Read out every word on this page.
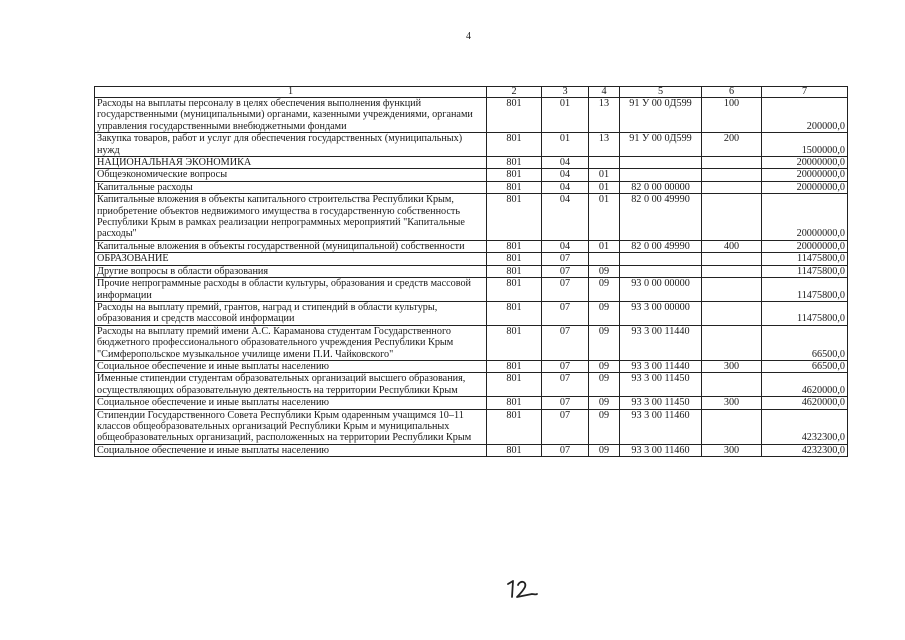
4
1	2	3	4	5	6	7
Расходы на выплаты персоналу в целях обеспечения выполнения функций государственными (муниципальными) органами, казенными учреждениями, органами управления государственными внебюджетными фондами	801	01	13	91 У 00 0Д599	100	200000,0
Закупка товаров, работ и услуг для обеспечения государственных (муниципальных) нужд	801	01	13	91 У 00 0Д599	200	1500000,0
НАЦИОНАЛЬНАЯ ЭКОНОМИКА	801	04				20000000,0
Общеэкономические вопросы	801	04	01			20000000,0
Капитальные расходы	801	04	01	82 0 00 00000		20000000,0
Капитальные вложения в объекты капитального строительства Республики Крым, приобретение объектов недвижимого имущества в государственную собственность Республики Крым в рамках реализации непрограммных мероприятий "Капитальные расходы"	801	04	01	82 0 00 49990		20000000,0
Капитальные вложения в объекты государственной (муниципальной) собственности	801	04	01	82 0 00 49990	400	20000000,0
ОБРАЗОВАНИЕ	801	07				11475800,0
Другие вопросы в области образования	801	07	09			11475800,0
Прочие непрограммные расходы в области культуры, образования и средств массовой информации	801	07	09	93 0 00 00000		11475800,0
Расходы на выплату премий, грантов, наград и стипендий в области культуры, образования и средств массовой информации	801	07	09	93 3 00 00000		11475800,0
Расходы на выплату премий имени А.С. Караманова студентам Государственного бюджетного профессионального образовательного учреждения Республики Крым "Симферопольское музыкальное училище имени П.И. Чайковского"	801	07	09	93 3 00 11440		66500,0
Социальное обеспечение и иные выплаты населению	801	07	09	93 3 00 11440	300	66500,0
Именные стипендии студентам образовательных организаций высшего образования, осуществляющих образовательную деятельность на территории Республики Крым	801	07	09	93 3 00 11450		4620000,0
Социальное обеспечение и иные выплаты населению	801	07	09	93 3 00 11450	300	4620000,0
Стипендии Государственного Совета Республики Крым одаренным учащимся 10–11 классов общеобразовательных организаций Республики Крым и муниципальных общеобразовательных организаций, расположенных на территории Республики Крым	801	07	09	93 3 00 11460		4232300,0
Социальное обеспечение и иные выплаты населению	801	07	09	93 3 00 11460	300	4232300,0
